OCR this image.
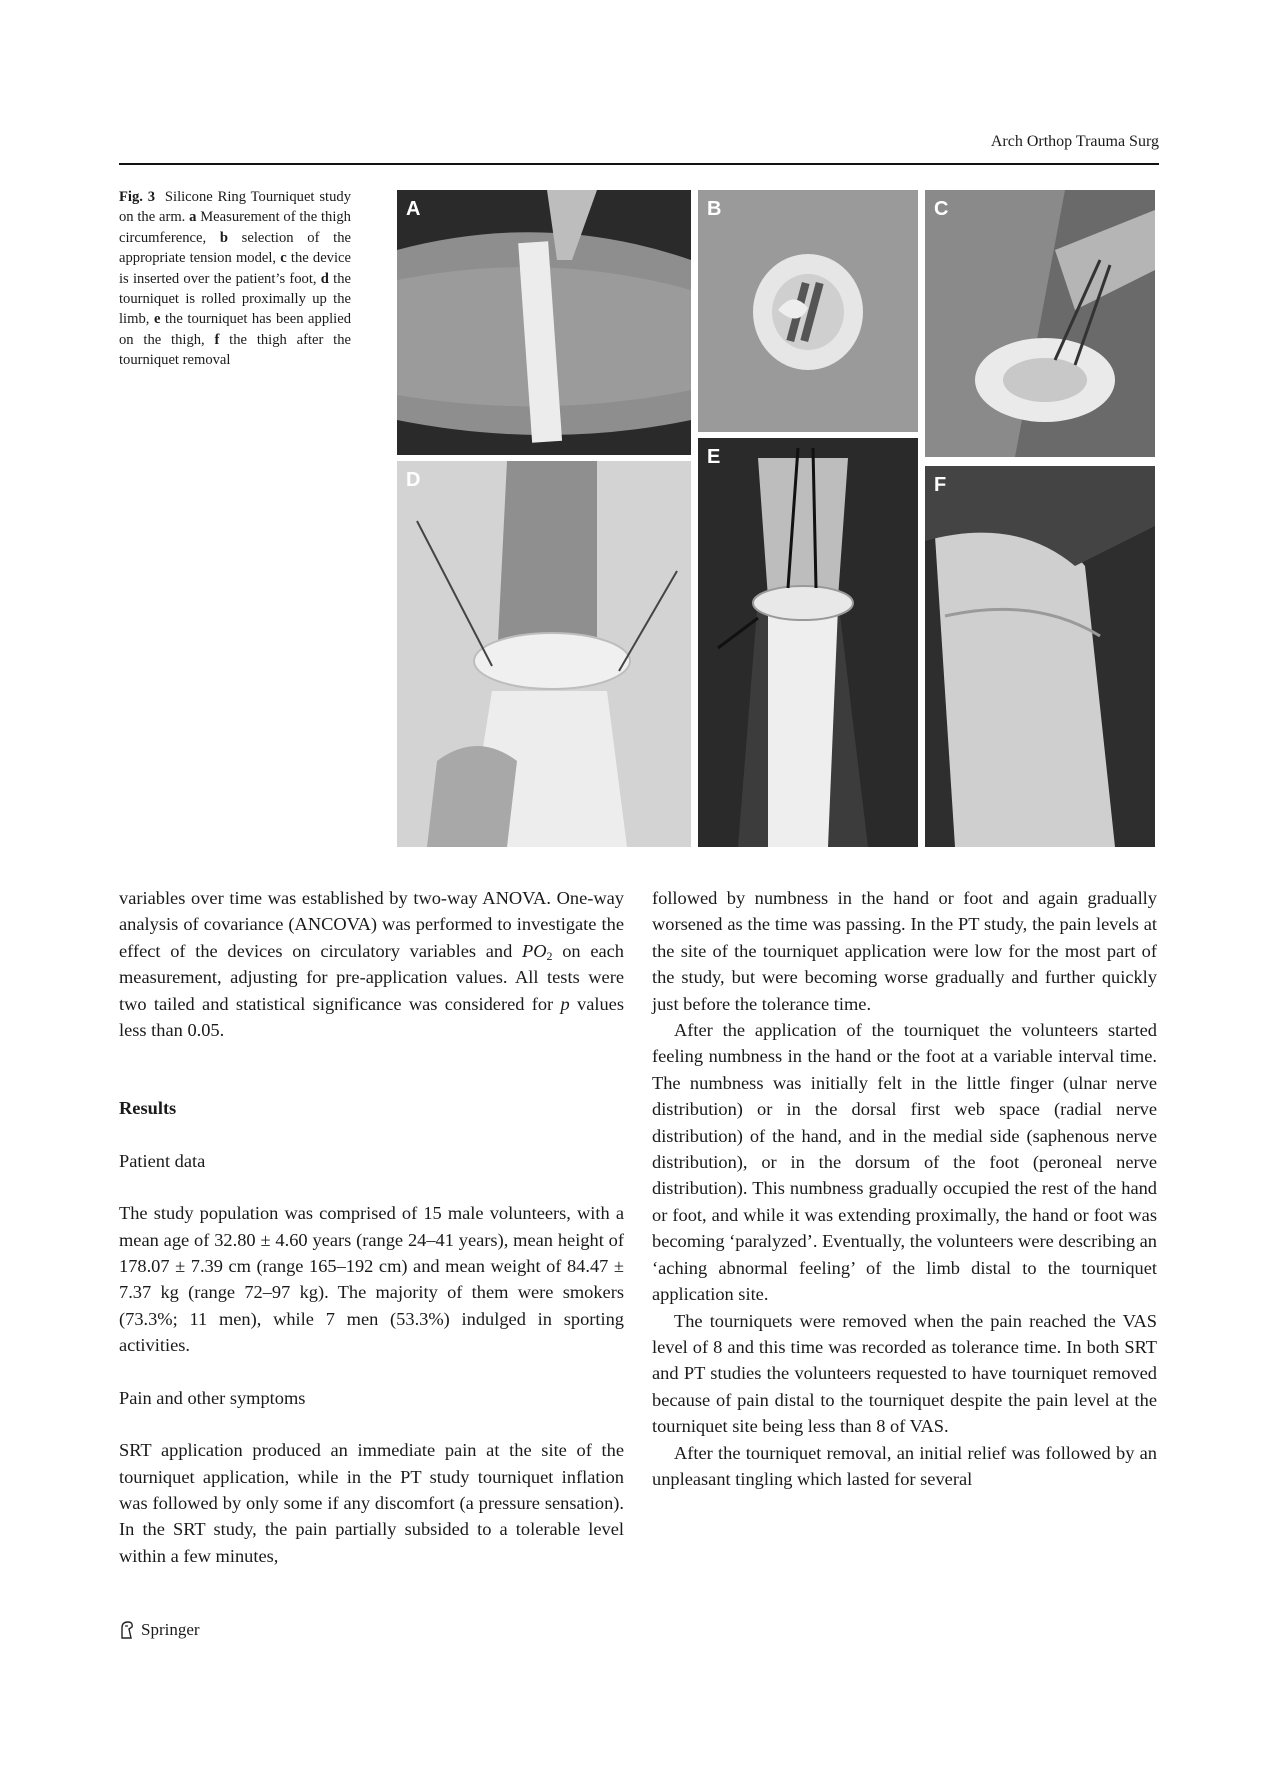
Arch Orthop Trauma Surg
Fig. 3 Silicone Ring Tourniquet study on the arm. a Measurement of the thigh circumference, b selection of the appropriate tension model, c the device is inserted over the patient’s foot, d the tourniquet is rolled proximally up the limb, e the tourniquet has been applied on the thigh, f the thigh after the tourniquet removal
A	B	C
D
E
F

variables over time was established by two-way ANOVA. One-way analysis of covariance (ANCOVA) was performed to investigate the effect of the devices on circulatory variables and $PO_2$ on each measurement, adjusting for pre-application values. All tests were two tailed and statistical significance was considered for p values less than 0.05.

Results

Patient data

The study population was comprised of 15 male volunteers, with a mean age of 32.80 ± 4.60 years (range 24–41 years), mean height of 178.07 ± 7.39 cm (range 165–192 cm) and mean weight of 84.47 ± 7.37 kg (range 72–97 kg). The majority of them were smokers (73.3%; 11 men), while 7 men (53.3%) indulged in sporting activities.

Pain and other symptoms

SRT application produced an immediate pain at the site of the tourniquet application, while in the PT study tourniquet inflation was followed by only some if any discomfort (a pressure sensation). In the SRT study, the pain partially subsided to a tolerable level within a few minutes,

followed by numbness in the hand or foot and again gradually worsened as the time was passing. In the PT study, the pain levels at the site of the tourniquet application were low for the most part of the study, but were becoming worse gradually and further quickly just before the tolerance time.

After the application of the tourniquet the volunteers started feeling numbness in the hand or the foot at a variable interval time. The numbness was initially felt in the little finger (ulnar nerve distribution) or in the dorsal first web space (radial nerve distribution) of the hand, and in the medial side (saphenous nerve distribution), or in the dorsum of the foot (peroneal nerve distribution). This numbness gradually occupied the rest of the hand or foot, and while it was extending proximally, the hand or foot was becoming ‘paralyzed’. Eventually, the volunteers were describing an ‘aching abnormal feeling’ of the limb distal to the tourniquet application site.

The tourniquets were removed when the pain reached the VAS level of 8 and this time was recorded as tolerance time. In both SRT and PT studies the volunteers requested to have tourniquet removed because of pain distal to the tourniquet despite the pain level at the tourniquet site being less than 8 of VAS.

After the tourniquet removal, an initial relief was followed by an unpleasant tingling which lasted for several

Springer
